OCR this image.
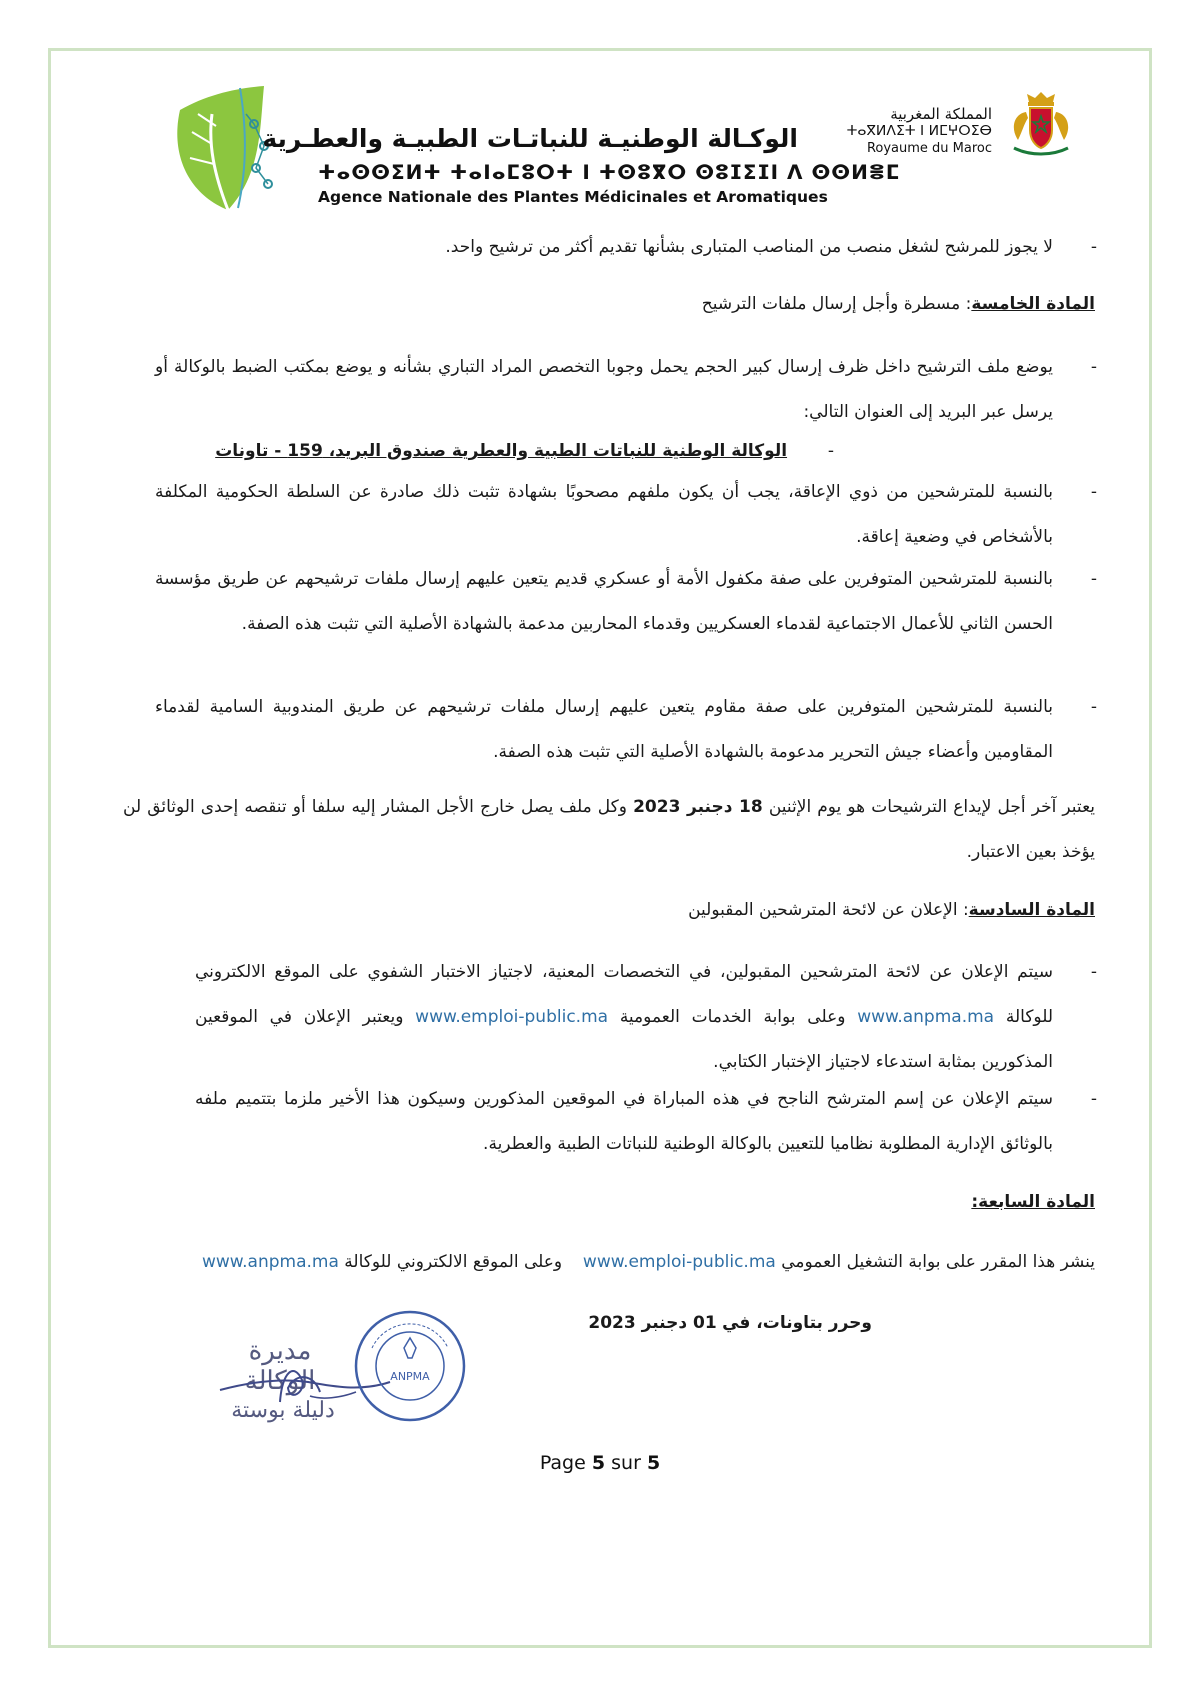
الوكـالة الوطنيـة للنباتـات الطبيـة والعطـرية
ⵜⴰⵙⵙⵉⵍⵜ ⵜⴰⵏⴰⵎⵓⵔⵜ ⵏ ⵜⵙⵓⴳⵔ ⵙⵓⵊⵉⵊⵏ ⴷ ⵙⵙⵍⴻⵎ
Agence Nationale des Plantes Médicinales et Aromatiques
المملكة المغربية
ⵜⴰⴳⵍⴷⵉⵜ ⵏ ⵍⵎⵖⵔⵉⴱ
Royaume du Maroc
-
لا يجوز للمرشح لشغل منصب من المناصب المتبارى بشأنها تقديم أكثر من ترشيح واحد.
المادة الخامسة: مسطرة وأجل إرسال ملفات الترشيح
-
يوضع ملف الترشيح داخل ظرف إرسال كبير الحجم يحمل وجوبا التخصص المراد التباري بشأنه و يوضع بمكتب الضبط بالوكالة أو يرسل عبر البريد إلى العنوان التالي:
-  الوكالة الوطنية للنباتات الطبية والعطرية صندوق البريد، 159 - تاونات
-
بالنسبة للمترشحين من ذوي الإعاقة، يجب أن يكون ملفهم مصحوبًا بشهادة تثبت ذلك صادرة عن السلطة الحكومية المكلفة بالأشخاص في وضعية إعاقة.
-
بالنسبة للمترشحين المتوفرين على صفة مكفول الأمة أو عسكري قديم يتعين عليهم إرسال ملفات ترشيحهم عن طريق مؤسسة الحسن الثاني للأعمال الاجتماعية لقدماء العسكريين وقدماء المحاربين مدعمة بالشهادة الأصلية التي تثبت هذه الصفة.
-
بالنسبة للمترشحين المتوفرين على صفة مقاوم يتعين عليهم إرسال ملفات ترشيحهم عن طريق المندوبية السامية لقدماء المقاومين وأعضاء جيش التحرير مدعومة بالشهادة الأصلية التي تثبت هذه الصفة.
يعتبر آخر أجل لإيداع الترشيحات هو يوم الإثنين 18 دجنبر 2023 وكل ملف يصل خارج الأجل المشار إليه سلفا أو تنقصه إحدى الوثائق لن يؤخذ بعين الاعتبار.
المادة السادسة: الإعلان عن لائحة المترشحين المقبولين
-
سيتم الإعلان عن لائحة المترشحين المقبولين، في التخصصات المعنية، لاجتياز الاختبار الشفوي على الموقع الالكتروني للوكالة www.anpma.ma وعلى بوابة الخدمات العمومية www.emploi-public.ma ويعتبر الإعلان في الموقعين المذكورين بمثابة استدعاء لاجتياز الإختبار الكتابي.
-
سيتم الإعلان عن إسم المترشح الناجح في هذه المباراة في الموقعين المذكورين وسيكون هذا الأخير ملزما بتتميم ملفه بالوثائق الإدارية المطلوبة نظاميا للتعيين بالوكالة الوطنية للنباتات الطبية والعطرية.
المادة السابعة:
ينشر هذا المقرر على بوابة التشغيل العمومي www.emploi-public.ma  وعلى الموقع الالكتروني للوكالة www.anpma.ma
وحرر بتاونات، في 01 دجنبر 2023
مديرة الوكالة
دليلة بوستة
ANPMA
Page 5 sur 5
